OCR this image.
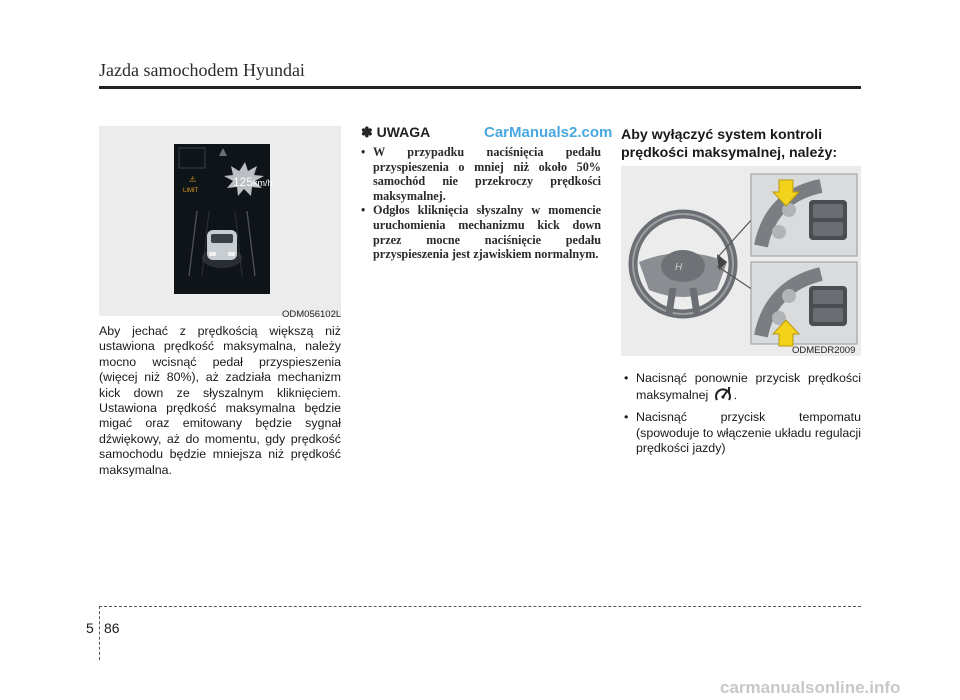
Jazda samochodem Hyundai
⚠
LIMIT
125 km/h
ODM056102L

Aby jechać z prędkością większą niż ustawiona prędkość maksymalna, należy mocno wcisnąć pedał przyspieszenia (więcej niż 80%), aż zadziała mechanizm kick down ze słyszalnym kliknięciem. Ustawiona prędkość maksymalna będzie migać oraz emitowany będzie sygnał dźwiękowy, aż do momentu, gdy prędkość samochodu będzie mniejsza niż prędkość maksymalna.

✽ UWAGA	CarManuals2.com
• W przypadku naciśnięcia pedału przyspieszenia o mniej niż około 50% samochód nie przekroczy prędkości maksymalnej.
• Odgłos kliknięcia słyszalny w momencie uruchomienia mechanizmu kick down przez mocne naciśnięcie pedału przyspieszenia jest zjawiskiem normalnym.
Aby wyłączyć system kontroli prędkości maksymalnej, należy:
H
ODMEDR2009
• Nacisnąć ponownie przycisk prędkości maksymalnej .
• Nacisnąć przycisk tempomatu (spowoduje to włączenie układu regulacji prędkości jazdy)
5 86
carmanualsonline.info
